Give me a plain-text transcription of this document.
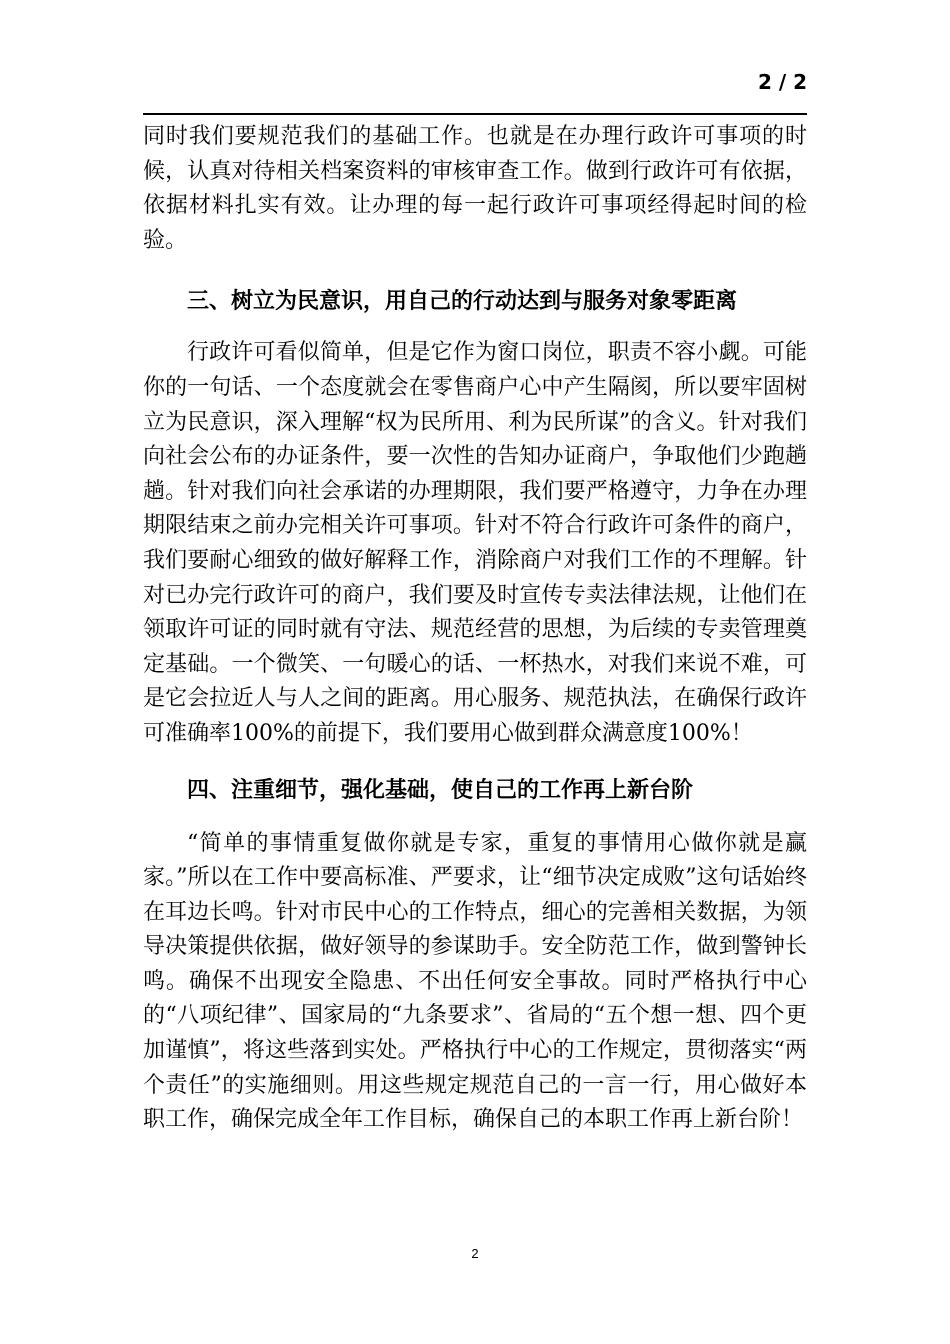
2 / 2

同时我们要规范我们的基础工作。也就是在办理行政许可事项的时候，认真对待相关档案资料的审核审查工作。做到行政许可有依据，依据材料扎实有效。让办理的每一起行政许可事项经得起时间的检验。

三、树立为民意识，用自己的行动达到与服务对象零距离

行政许可看似简单，但是它作为窗口岗位，职责不容小觑。可能你的一句话、一个态度就会在零售商户心中产生隔阂，所以要牢固树立为民意识，深入理解“权为民所用、利为民所谋”的含义。针对我们向社会公布的办证条件，要一次性的告知办证商户，争取他们少跑趟趟。针对我们向社会承诺的办理期限，我们要严格遵守，力争在办理期限结束之前办完相关许可事项。针对不符合行政许可条件的商户，我们要耐心细致的做好解释工作，消除商户对我们工作的不理解。针对已办完行政许可的商户，我们要及时宣传专卖法律法规，让他们在领取许可证的同时就有守法、规范经营的思想，为后续的专卖管理奠定基础。一个微笑、一句暖心的话、一杯热水，对我们来说不难，可是它会拉近人与人之间的距离。用心服务、规范执法，在确保行政许可准确率100%的前提下，我们要用心做到群众满意度100%！

四、注重细节，强化基础，使自己的工作再上新台阶

“简单的事情重复做你就是专家，重复的事情用心做你就是赢家。”所以在工作中要高标准、严要求，让“细节决定成败”这句话始终在耳边长鸣。针对市民中心的工作特点，细心的完善相关数据，为领导决策提供依据，做好领导的参谋助手。安全防范工作，做到警钟长鸣。确保不出现安全隐患、不出任何安全事故。同时严格执行中心的“八项纪律”、国家局的“九条要求”、省局的“五个想一想、四个更加谨慎”，将这些落到实处。严格执行中心的工作规定，贯彻落实“两个责任”的实施细则。用这些规定规范自己的一言一行，用心做好本职工作，确保完成全年工作目标，确保自己的本职工作再上新台阶！

2
